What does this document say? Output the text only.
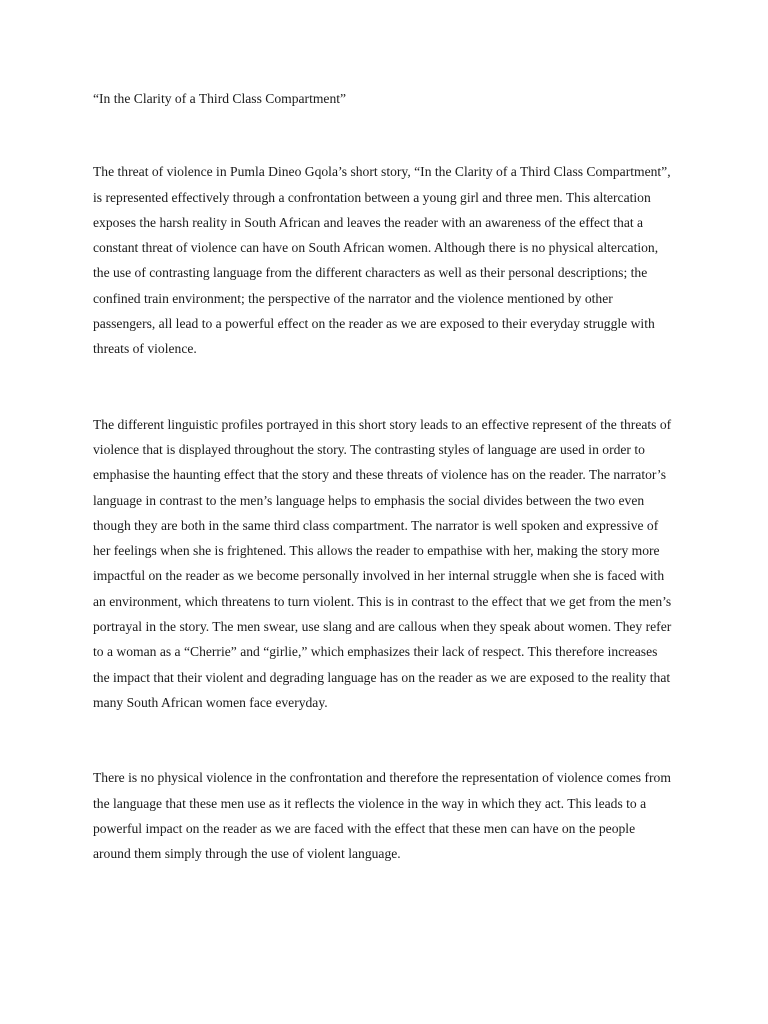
“In the Clarity of a Third Class Compartment”

The threat of violence in Pumla Dineo Gqola’s short story, “In the Clarity of a Third Class Compartment”, is represented effectively through a confrontation between a young girl and three men. This altercation exposes the harsh reality in South African and leaves the reader with an awareness of the effect that a constant threat of violence can have on South African women. Although there is no physical altercation, the use of contrasting language from the different characters as well as their personal descriptions; the confined train environment; the perspective of the narrator and the violence mentioned by other passengers, all lead to a powerful effect on the reader as we are exposed to their everyday struggle with threats of violence.

The different linguistic profiles portrayed in this short story leads to an effective represent of the threats of violence that is displayed throughout the story. The contrasting styles of language are used in order to emphasise the haunting effect that the story and these threats of violence has on the reader. The narrator’s language in contrast to the men’s language helps to emphasis the social divides between the two even though they are both in the same third class compartment. The narrator is well spoken and expressive of her feelings when she is frightened. This allows the reader to empathise with her, making the story more impactful on the reader as we become personally involved in her internal struggle when she is faced with an environment, which threatens to turn violent. This is in contrast to the effect that we get from the men’s portrayal in the story. The men swear, use slang and are callous when they speak about women. They refer to a woman as a “Cherrie” and “girlie,” which emphasizes their lack of respect. This therefore increases the impact that their violent and degrading language has on the reader as we are exposed to the reality that many South African women face everyday.

There is no physical violence in the confrontation and therefore the representation of violence comes from the language that these men use as it reflects the violence in the way in which they act. This leads to a powerful impact on the reader as we are faced with the effect that these men can have on the people around them simply through the use of violent language.
